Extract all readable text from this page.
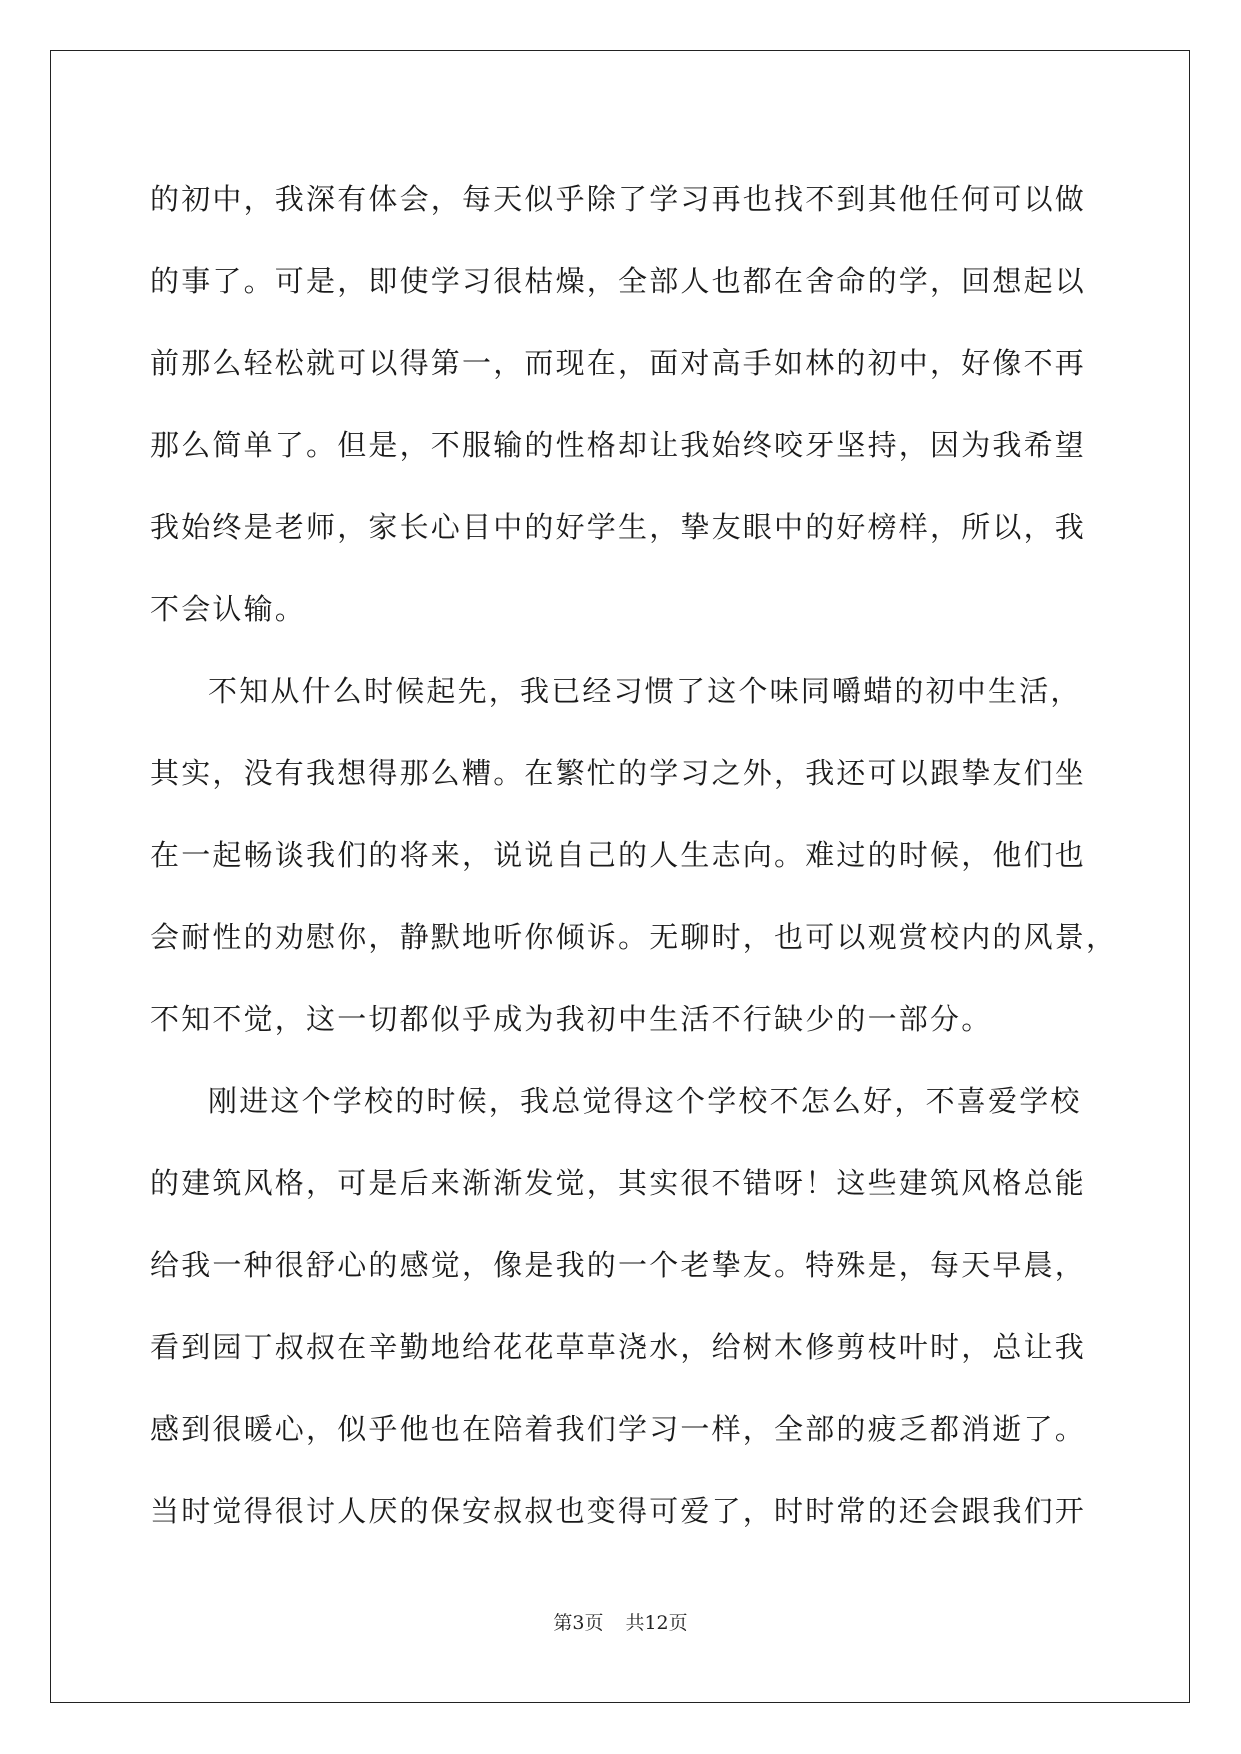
的初中，我深有体会，每天似乎除了学习再也找不到其他任何可以做
的事了。可是，即使学习很枯燥，全部人也都在舍命的学，回想起以
前那么轻松就可以得第一，而现在，面对高手如林的初中，好像不再
那么简单了。但是，不服输的性格却让我始终咬牙坚持，因为我希望
我始终是老师，家长心目中的好学生，挚友眼中的好榜样，所以，我
不会认输。
不知从什么时候起先，我已经习惯了这个味同嚼蜡的初中生活，
其实，没有我想得那么糟。在繁忙的学习之外，我还可以跟挚友们坐
在一起畅谈我们的将来，说说自己的人生志向。难过的时候，他们也
会耐性的劝慰你，静默地听你倾诉。无聊时，也可以观赏校内的风景，
不知不觉，这一切都似乎成为我初中生活不行缺少的一部分。
刚进这个学校的时候，我总觉得这个学校不怎么好，不喜爱学校
的建筑风格，可是后来渐渐发觉，其实很不错呀！这些建筑风格总能
给我一种很舒心的感觉，像是我的一个老挚友。特殊是，每天早晨，
看到园丁叔叔在辛勤地给花花草草浇水，给树木修剪枝叶时，总让我
感到很暖心，似乎他也在陪着我们学习一样，全部的疲乏都消逝了。
当时觉得很讨人厌的保安叔叔也变得可爱了，时时常的还会跟我们开
第3页 共12页
